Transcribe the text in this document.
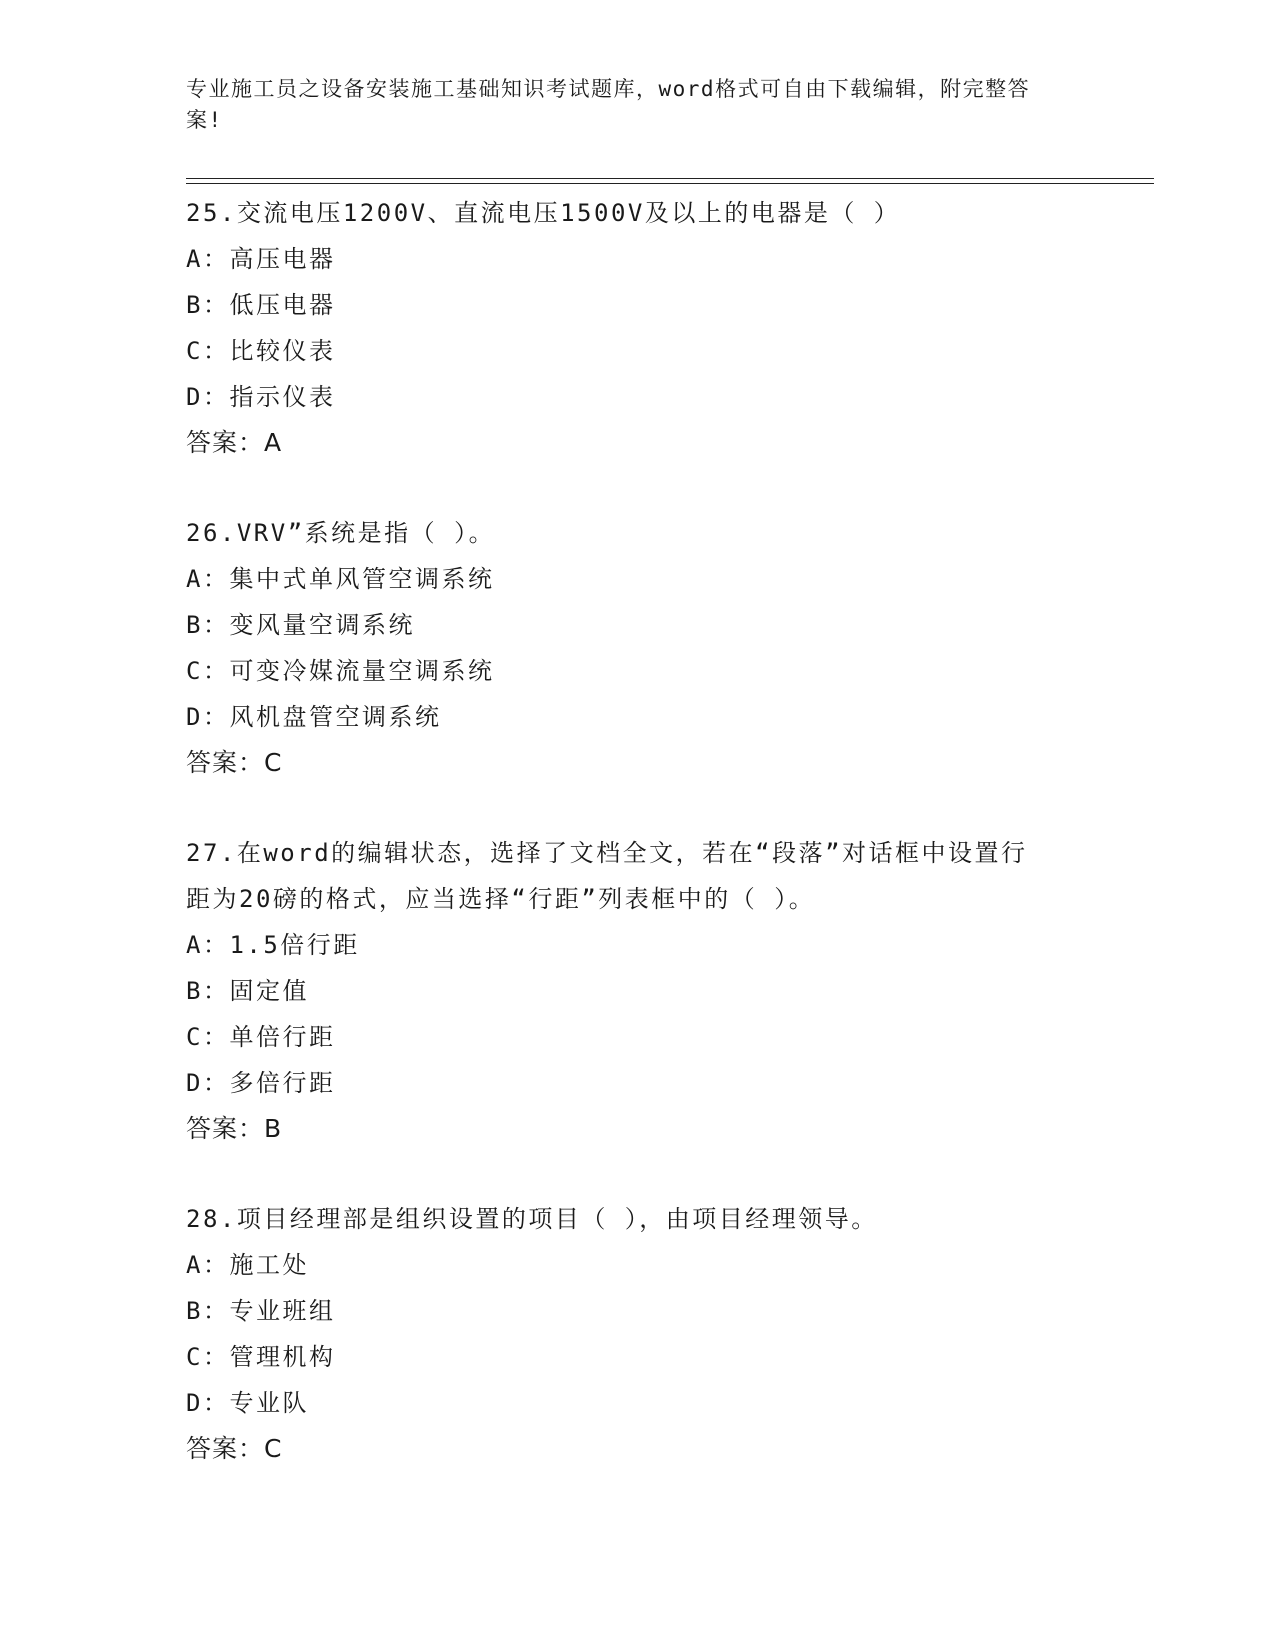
专业施工员之设备安装施工基础知识考试题库，word格式可自由下载编辑，附完整答案!

25.交流电压1200V、直流电压1500V及以上的电器是（ ）

A：高压电器

B：低压电器

C：比较仪表

D：指示仪表

答案：A

26.VRV”系统是指（ ）。

A：集中式单风管空调系统

B：变风量空调系统

C：可变冷媒流量空调系统

D：风机盘管空调系统

答案：C

27.在word的编辑状态，选择了文档全文，若在“段落”对话框中设置行距为20磅的格式，应当选择“行距”列表框中的（ ）。

A：1.5倍行距

B：固定值

C：单倍行距

D：多倍行距

答案：B

28.项目经理部是组织设置的项目（ ），由项目经理领导。

A：施工处

B：专业班组

C：管理机构

D：专业队

答案：C
